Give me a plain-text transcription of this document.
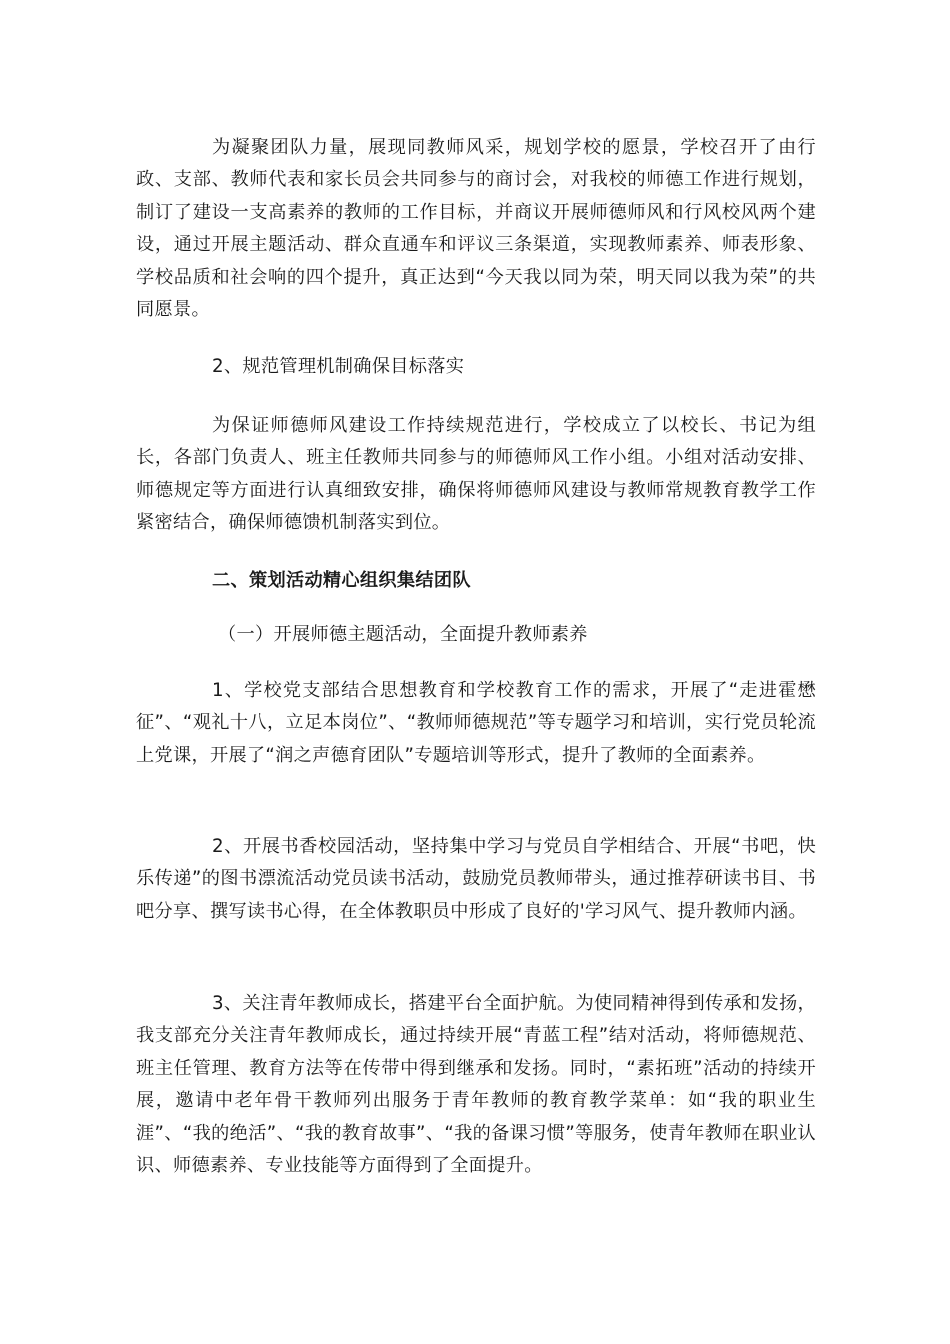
为凝聚团队力量，展现同教师风采，规划学校的愿景，学校召开了由行政、支部、教师代表和家长员会共同参与的商讨会，对我校的师德工作进行规划，制订了建设一支高素养的教师的工作目标，并商议开展师德师风和行风校风两个建设，通过开展主题活动、群众直通车和评议三条渠道，实现教师素养、师表形象、学校品质和社会响的四个提升，真正达到“今天我以同为荣，明天同以我为荣”的共同愿景。

2、规范管理机制确保目标落实

为保证师德师风建设工作持续规范进行，学校成立了以校长、书记为组长，各部门负责人、班主任教师共同参与的师德师风工作小组。小组对活动安排、师德规定等方面进行认真细致安排，确保将师德师风建设与教师常规教育教学工作紧密结合，确保师德馈机制落实到位。

二、策划活动精心组织集结团队

（一）开展师德主题活动，全面提升教师素养

1、学校党支部结合思想教育和学校教育工作的需求，开展了“走进霍懋征”、“观礼十八，立足本岗位”、“教师师德规范”等专题学习和培训，实行党员轮流上党课，开展了“润之声德育团队”专题培训等形式，提升了教师的全面素养。

2、开展书香校园活动，坚持集中学习与党员自学相结合、开展“书吧，快乐传递”的图书漂流活动党员读书活动，鼓励党员教师带头，通过推荐研读书目、书吧分享、撰写读书心得，在全体教职员中形成了良好的'学习风气、提升教师内涵。

3、关注青年教师成长，搭建平台全面护航。为使同精神得到传承和发扬，我支部充分关注青年教师成长，通过持续开展“青蓝工程”结对活动，将师德规范、班主任管理、教育方法等在传带中得到继承和发扬。同时，“素拓班”活动的持续开展，邀请中老年骨干教师列出服务于青年教师的教育教学菜单：如“我的职业生涯”、“我的绝活”、“我的教育故事”、“我的备课习惯”等服务，使青年教师在职业认识、师德素养、专业技能等方面得到了全面提升。
